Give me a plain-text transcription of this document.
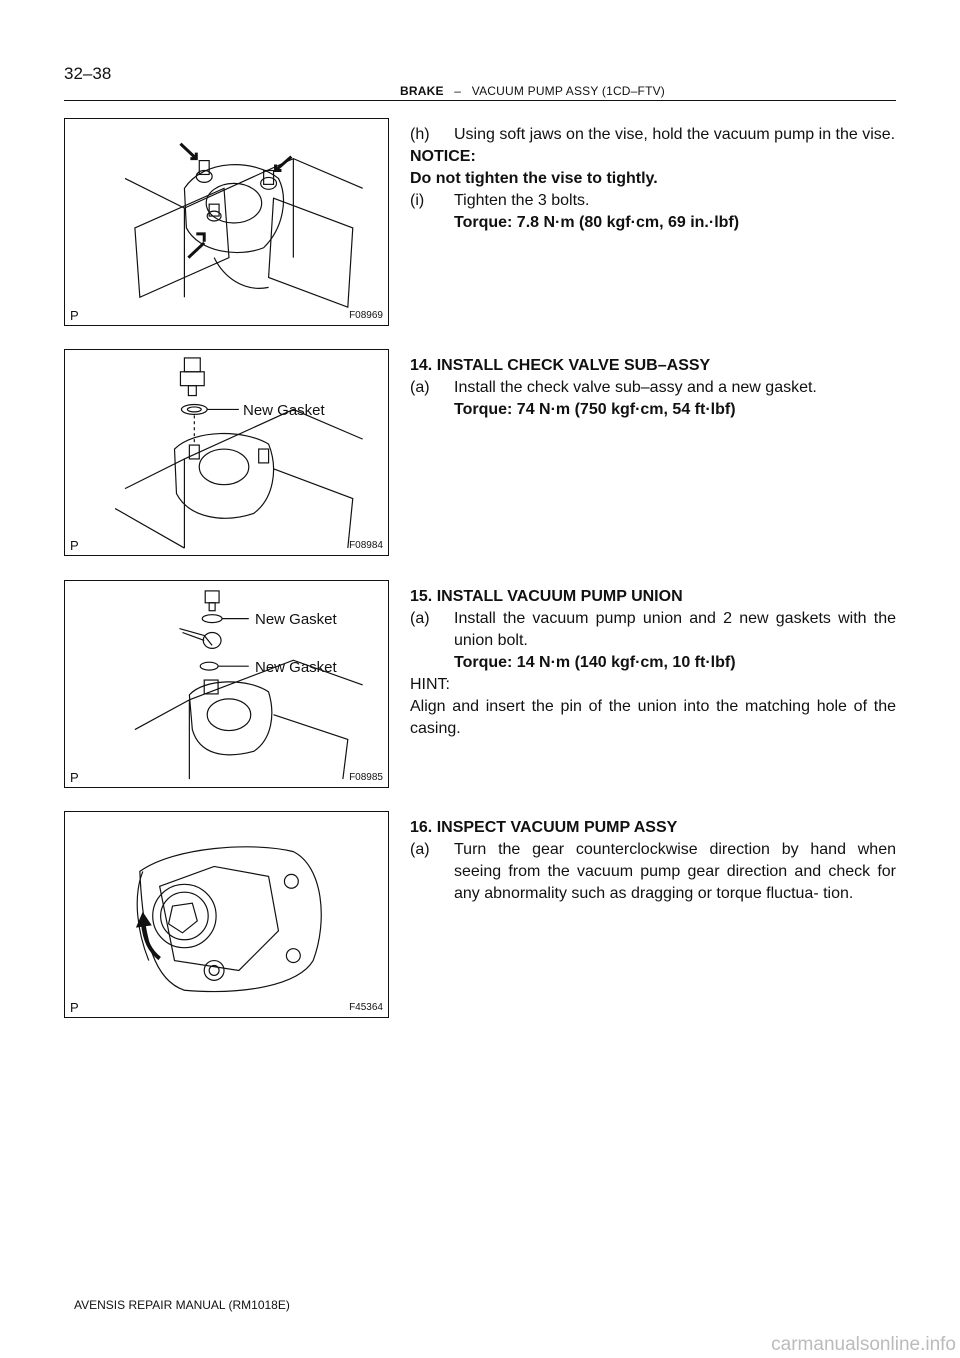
32–38
BRAKE – VACUUM PUMP ASSY (1CD–FTV)
P	F08969
New Gasket
P	F08984
New Gasket
New Gasket
P	F08985
P	F45364
(h) Using soft jaws on the vise, hold the vacuum pump in the vise.
NOTICE:
Do not tighten the vise to tightly.
(i) Tighten the 3 bolts.
Torque: 7.8 N·m (80 kgf·cm, 69 in.·lbf)
14. INSTALL CHECK VALVE SUB–ASSY
(a) Install the check valve sub–assy and a new gasket.
Torque: 74 N·m (750 kgf·cm, 54 ft·lbf)
15. INSTALL VACUUM PUMP UNION
(a) Install the vacuum pump union and 2 new gaskets with the union bolt.
Torque: 14 N·m (140 kgf·cm, 10 ft·lbf)
HINT:
Align and insert the pin of the union into the matching hole of the casing.
16. INSPECT VACUUM PUMP ASSY
(a) Turn the gear counterclockwise direction by hand when seeing from the vacuum pump gear direction and check for any abnormality such as dragging or torque fluctua- tion.
AVENSIS REPAIR MANUAL (RM1018E)
carmanualsonline.info
